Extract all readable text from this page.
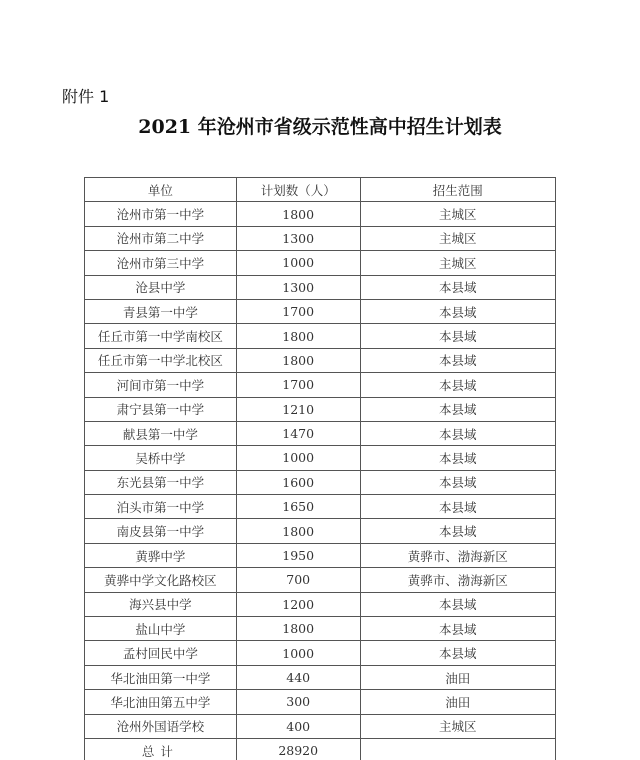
附件 1
2021 年沧州市省级示范性高中招生计划表
单位	计划数（人）	招生范围
沧州市第一中学	1800	主城区
沧州市第二中学	1300	主城区
沧州市第三中学	1000	主城区
沧县中学	1300	本县域
青县第一中学	1700	本县域
任丘市第一中学南校区	1800	本县域
任丘市第一中学北校区	1800	本县域
河间市第一中学	1700	本县域
肃宁县第一中学	1210	本县域
献县第一中学	1470	本县域
吴桥中学	1000	本县域
东光县第一中学	1600	本县域
泊头市第一中学	1650	本县域
南皮县第一中学	1800	本县域
黄骅中学	1950	黄骅市、渤海新区
黄骅中学文化路校区	700	黄骅市、渤海新区
海兴县中学	1200	本县域
盐山中学	1800	本县域
孟村回民中学	1000	本县域
华北油田第一中学	440	油田
华北油田第五中学	300	油田
沧州外国语学校	400	主城区
总计	28920	
